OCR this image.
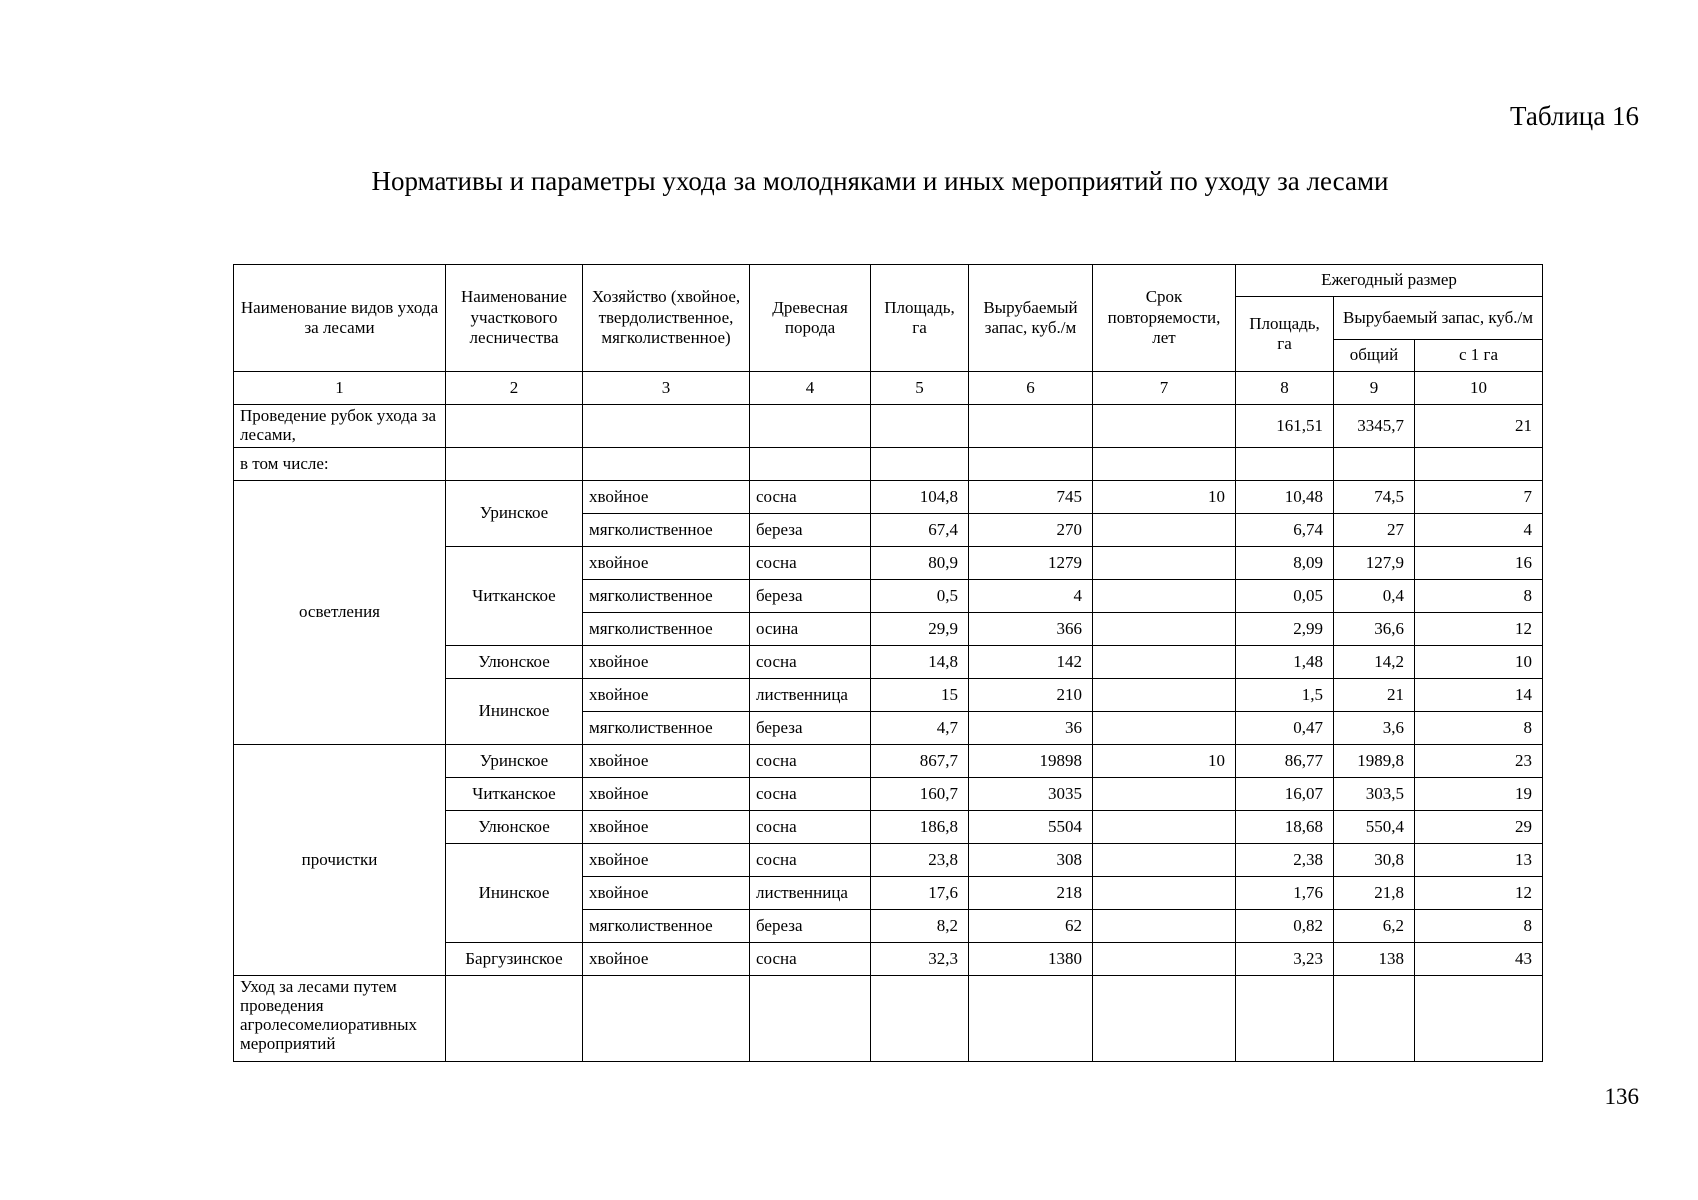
Таблица 16
Нормативы и параметры ухода за молодняками и иных мероприятий по уходу за лесами
Наименование видов ухода за лесами	Наименование участкового лесничества	Хозяйство (хвойное, твердолиственное, мягколиственное)	Древесная порода	Площадь, га	Вырубаемый запас, куб./м	Срок повторяемости, лет	Ежегодный размер		
							Площадь, га	Вырубаемый запас, куб./м	
								общий	с 1 га
1	2	3	4	5	6	7	8	9	10
Проведение рубок ухода за лесами,							161,51	3345,7	21
в том числе:									
осветления	Уринское	хвойное	сосна	104,8	745	10	10,48	74,5	7
		мягколиственное	береза	67,4	270		6,74	27	4
	Читканское	хвойное	сосна	80,9	1279		8,09	127,9	16
		мягколиственное	береза	0,5	4		0,05	0,4	8
		мягколиственное	осина	29,9	366		2,99	36,6	12
	Улюнское	хвойное	сосна	14,8	142		1,48	14,2	10
	Ининское	хвойное	лиственница	15	210		1,5	21	14
		мягколиственное	береза	4,7	36		0,47	3,6	8
прочистки	Уринское	хвойное	сосна	867,7	19898	10	86,77	1989,8	23
	Читканское	хвойное	сосна	160,7	3035		16,07	303,5	19
	Улюнское	хвойное	сосна	186,8	5504		18,68	550,4	29
	Ининское	хвойное	сосна	23,8	308		2,38	30,8	13
		хвойное	лиственница	17,6	218		1,76	21,8	12
		мягколиственное	береза	8,2	62		0,82	6,2	8
	Баргузинское	хвойное	сосна	32,3	1380		3,23	138	43
Уход за лесами путем проведения агролесомелиоративных мероприятий									
136
